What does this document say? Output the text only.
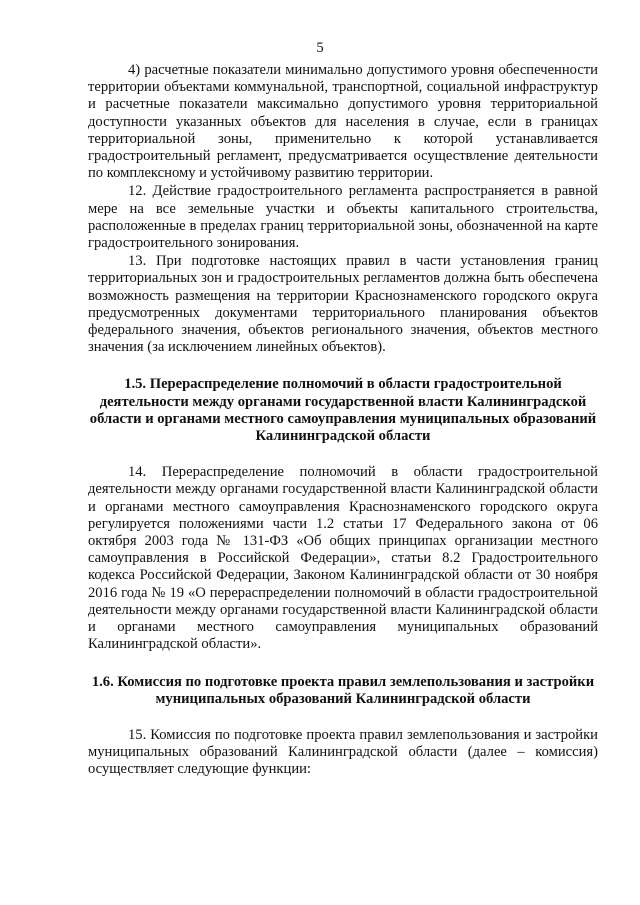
5

4) расчетные показатели минимально допустимого уровня обеспеченности территории объектами коммунальной, транспортной, социальной инфраструктур и расчетные показатели максимально допустимого уровня территориальной доступности указанных объектов для населения в случае, если в границах территориальной зоны, применительно к которой устанавливается градостроительный регламент, предусматривается осуществление деятельности по комплексному и устойчивому развитию территории.

12. Действие градостроительного регламента распространяется в равной мере на все земельные участки и объекты капитального строительства, расположенные в пределах границ территориальной зоны, обозначенной на карте градостроительного зонирования.

13. При подготовке настоящих правил в части установления границ территориальных зон и градостроительных регламентов должна быть обеспечена возможность размещения на территории Краснознаменского городского округа предусмотренных документами территориального планирования объектов федерального значения, объектов регионального значения, объектов местного значения (за исключением линейных объектов).

1.5. Перераспределение полномочий в области градостроительной деятельности между органами государственной власти Калининградской области и органами местного самоуправления муниципальных образований Калининградской области

14. Перераспределение полномочий в области градостроительной деятельности между органами государственной власти Калининградской области и органами местного самоуправления Краснознаменского городского округа регулируется положениями части 1.2 статьи 17 Федерального закона от 06 октября 2003 года № 131-ФЗ «Об общих принципах организации местного самоуправления в Российской Федерации», статьи 8.2 Градостроительного кодекса Российской Федерации, Законом Калининградской области от 30 ноября 2016 года № 19 «О перераспределении полномочий в области градостроительной деятельности между органами государственной власти Калининградской области и органами местного самоуправления муниципальных образований Калининградской области».

1.6. Комиссия по подготовке проекта правил землепользования и застройки муниципальных образований Калининградской области

15. Комиссия по подготовке проекта правил землепользования и застройки муниципальных образований Калининградской области (далее – комиссия) осуществляет следующие функции:
